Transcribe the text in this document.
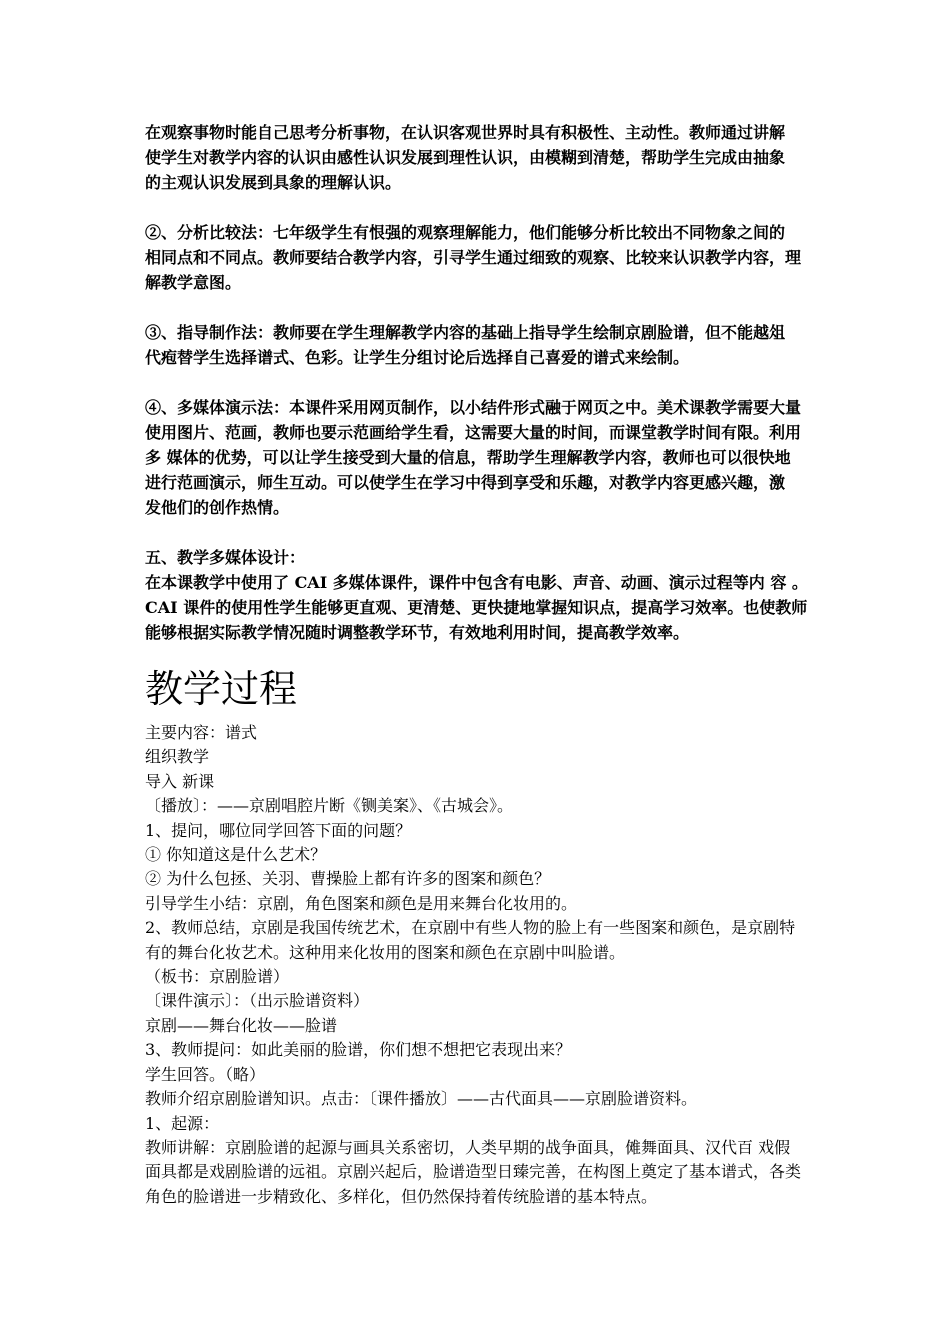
在观察事物时能自己思考分析事物，在认识客观世界时具有积极性、主动性。教师通过讲解

使学生对教学内容的认识由感性认识发展到理性认识，由模糊到清楚，帮助学生完成由抽象

的主观认识发展到具象的理解认识。

②、分析比较法：七年级学生有恨强的观察理解能力，他们能够分析比较出不同物象之间的

相同点和不同点。教师要结合教学内容，引寻学生通过细致的观察、比较来认识教学内容，理

解教学意图。

③、指导制作法：教师要在学生理解教学内容的基础上指导学生绘制京剧脸谱，但不能越俎

代疱替学生选择谱式、色彩。让学生分组讨论后选择自己喜爱的谱式来绘制。

④、多媒体演示法：本课件采用网页制作，以小结件形式融于网页之中。美术课教学需要大量

使用图片、范画，教师也要示范画给学生看，这需要大量的时间，而课堂教学时间有限。利用

多 媒体的优势，可以让学生接受到大量的信息，帮助学生理解教学内容，教师也可以很快地

进行范画演示，师生互动。可以使学生在学习中得到享受和乐趣，对教学内容更感兴趣，激

发他们的创作热情。

五、教学多媒体设计：

在本课教学中使用了 CAI 多媒体课件，课件中包含有电影、声音、动画、演示过程等内 容 。

CAI 课件的使用性学生能够更直观、更清楚、更快捷地掌握知识点，提高学习效率。也使教师

能够根据实际教学情况随时调整教学环节，有效地利用时间，提高教学效率。

教学过程

主要内容：谱式

组织教学

导入 新课

〔播放〕：——京剧唱腔片断《铡美案》、《古城会》。

1、提问，哪位同学回答下面的问题？

① 你知道这是什么艺术？

② 为什么包拯、关羽、曹操脸上都有许多的图案和颜色？

引导学生小结：京剧，角色图案和颜色是用来舞台化妆用的。

2、教师总结，京剧是我国传统艺术，在京剧中有些人物的脸上有一些图案和颜色，是京剧特

有的舞台化妆艺术。这种用来化妆用的图案和颜色在京剧中叫脸谱。

（板书：京剧脸谱）

〔课件演示〕：（出示脸谱资料）

京剧——舞台化妆——脸谱

3、教师提问：如此美丽的脸谱，你们想不想把它表现出来？

学生回答。（略）

教师介绍京剧脸谱知识。点击：〔课件播放〕——古代面具——京剧脸谱资料。

1、起源：

教师讲解：京剧脸谱的起源与画具关系密切，人类早期的战争面具，傩舞面具、汉代百 戏假

面具都是戏剧脸谱的远祖。京剧兴起后，脸谱造型日臻完善，在构图上奠定了基本谱式，各类

角色的脸谱进一步精致化、多样化，但仍然保持着传统脸谱的基本特点。
